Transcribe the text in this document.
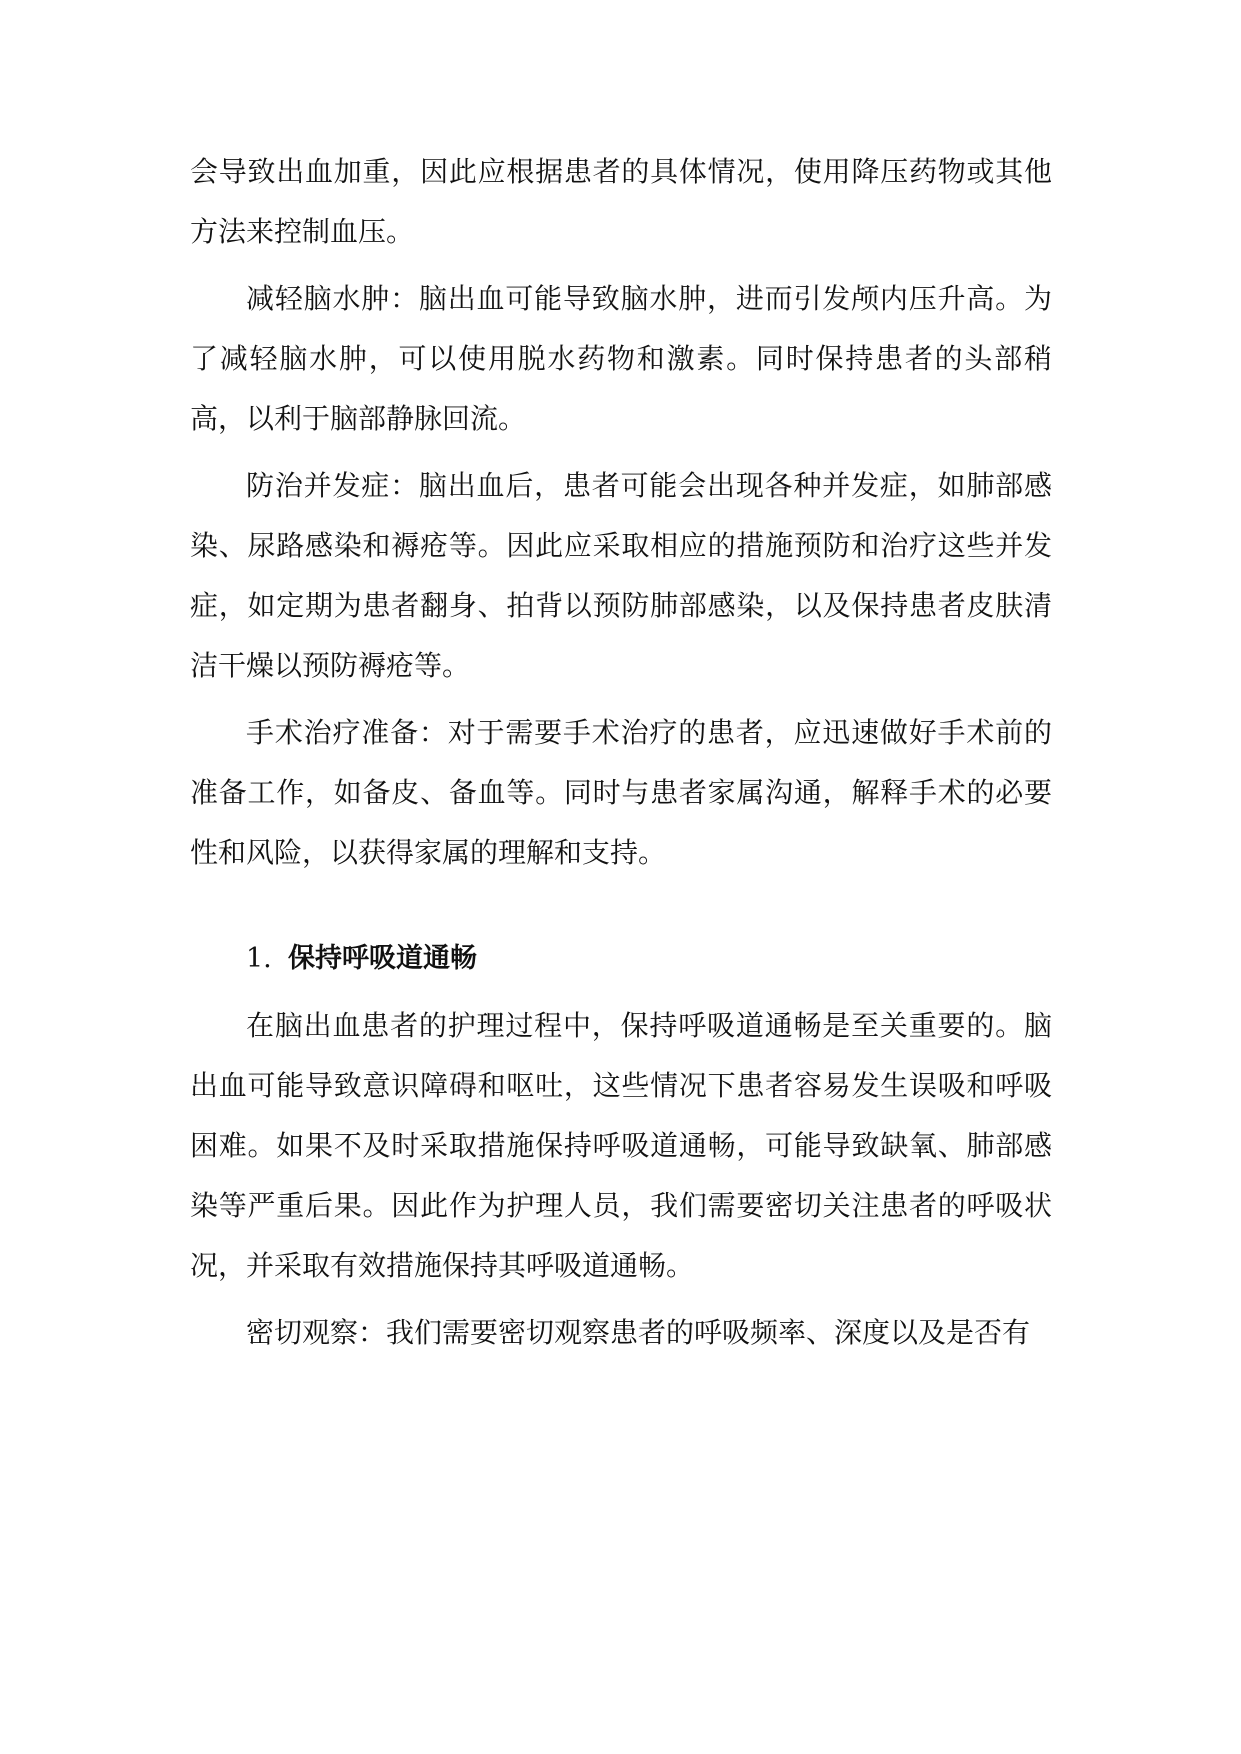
会导致出血加重，因此应根据患者的具体情况，使用降压药物或其他方法来控制血压。

减轻脑水肿：脑出血可能导致脑水肿，进而引发颅内压升高。为了减轻脑水肿，可以使用脱水药物和激素。同时保持患者的头部稍高，以利于脑部静脉回流。

防治并发症：脑出血后，患者可能会出现各种并发症，如肺部感染、尿路感染和褥疮等。因此应采取相应的措施预防和治疗这些并发症，如定期为患者翻身、拍背以预防肺部感染，以及保持患者皮肤清洁干燥以预防褥疮等。

手术治疗准备：对于需要手术治疗的患者，应迅速做好手术前的准备工作，如备皮、备血等。同时与患者家属沟通，解释手术的必要性和风险，以获得家属的理解和支持。

1. 保持呼吸道通畅

在脑出血患者的护理过程中，保持呼吸道通畅是至关重要的。脑出血可能导致意识障碍和呕吐，这些情况下患者容易发生误吸和呼吸困难。如果不及时采取措施保持呼吸道通畅，可能导致缺氧、肺部感染等严重后果。因此作为护理人员，我们需要密切关注患者的呼吸状况，并采取有效措施保持其呼吸道通畅。

密切观察：我们需要密切观察患者的呼吸频率、深度以及是否有
